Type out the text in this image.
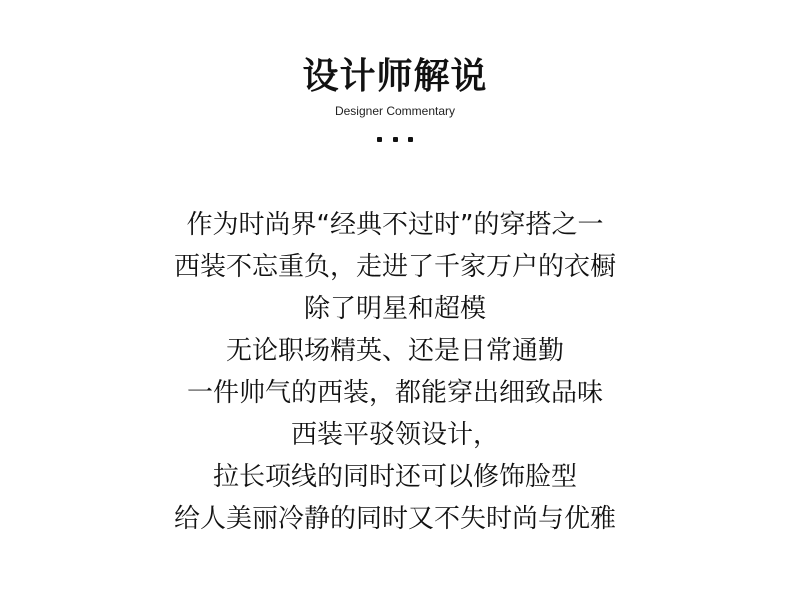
设计师解说
Designer Commentary
作为时尚界“经典不过时”的穿搭之一
西装不忘重负，走进了千家万户的衣橱
除了明星和超模
无论职场精英、还是日常通勤
一件帅气的西装，都能穿出细致品味
西装平驳领设计，
拉长项线的同时还可以修饰脸型
给人美丽冷静的同时又不失时尚与优雅
